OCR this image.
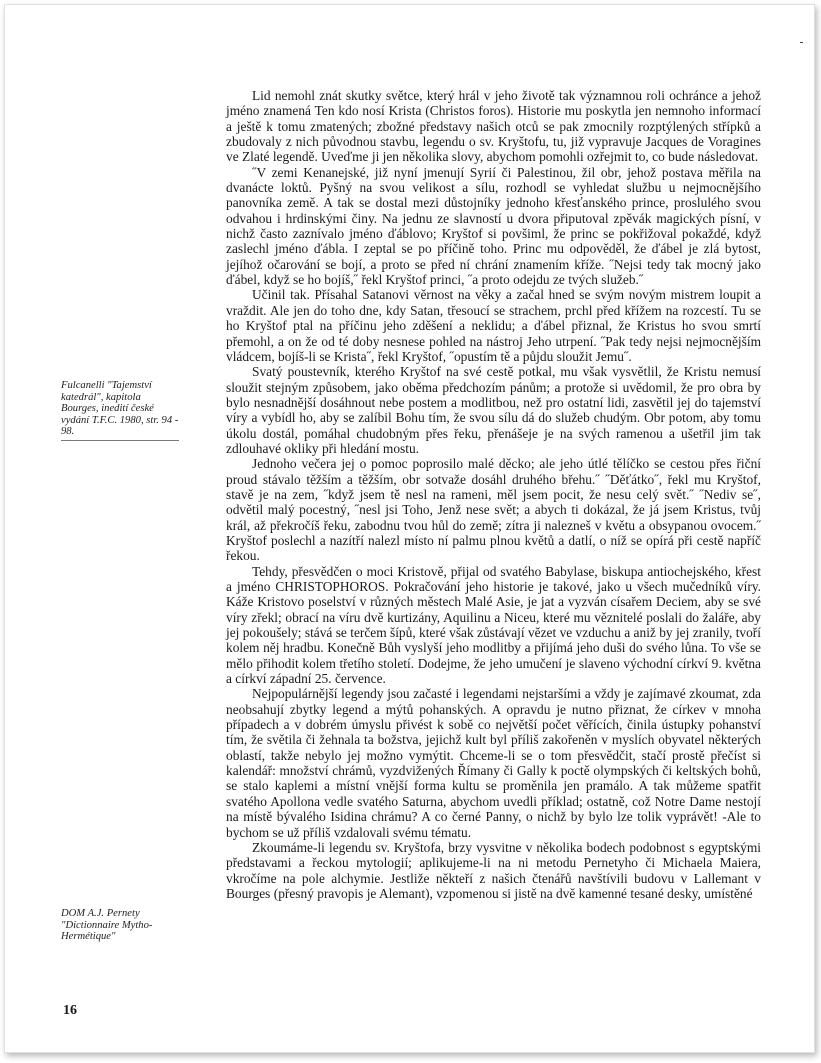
Lid nemohl znát skutky světce, který hrál v jeho životě tak významnou roli ochránce a jehož jméno znamená Ten kdo nosí Krista (Christos foros). Historie mu poskytla jen nemnoho informací a ještě k tomu zmatených; zbožné představy našich otců se pak zmocnily rozptýlených střípků a zbudovaly z nich původnou stavbu, legendu o sv. Kryštofu, tu, již vypravuje Jacques de Voragines ve Zlaté legendě. Uveďme ji jen několika slovy, abychom pomohli ozřejmit to, co bude následovat.

˝V zemi Kenanejské, již nyní jmenují Syrií či Palestinou, žil obr, jehož postava měřila na dvanácte loktů. Pyšný na svou velikost a sílu, rozhodl se vyhledat službu u nejmocnějšího panovníka země. A tak se dostal mezi důstojníky jednoho křesťanského prince, proslulého svou odvahou i hrdinskými činy. Na jednu ze slavností u dvora připutoval zpěvák magických písní, v nichž často zaznívalo jméno ďáblovo; Kryštof si povšiml, že princ se pokřižoval pokaždé, když zaslechl jméno ďábla. I zeptal se po příčině toho. Princ mu odpověděl, že ďábel je zlá bytost, jejíhož očarování se bojí, a proto se před ní chrání znamením kříže. ˝Nejsi tedy tak mocný jako ďábel, když se ho bojíš,˝ řekl Kryštof princi, ˝a proto odejdu ze tvých služeb.˝

Učinil tak. Přísahal Satanovi věrnost na věky a začal hned se svým novým mistrem loupit a vraždit. Ale jen do toho dne, kdy Satan, třesoucí se strachem, prchl před křížem na rozcestí. Tu se ho Kryštof ptal na příčinu jeho zděšení a neklidu; a ďábel přiznal, že Kristus ho svou smrtí přemohl, a on že od té doby nesnese pohled na nástroj Jeho utrpení. ˝Pak tedy nejsi nejmocnějším vládcem, bojíš-li se Krista˝, řekl Kryštof, ˝opustím tě a půjdu sloužit Jemu˝.

Svatý poustevník, kterého Kryštof na své cestě potkal, mu však vysvětlil, že Kristu nemusí sloužit stejným způsobem, jako oběma předchozím pánům; a protože si uvědomil, že pro obra by bylo nesnadnější dosáhnout nebe postem a modlitbou, než pro ostatní lidi, zasvětil jej do tajemství víry a vybídl ho, aby se zalíbil Bohu tím, že svou sílu dá do služeb chudým. Obr potom, aby tomu úkolu dostál, pomáhal chudobným přes řeku, přenášeje je na svých ramenou a ušetřil jim tak zdlouhavé okliky při hledání mostu.

Jednoho večera jej o pomoc poprosilo malé děcko; ale jeho útlé tělíčko se cestou přes řiční proud stávalo těžším a těžším, obr sotvaže dosáhl druhého břehu.˝ ˝Děťátko˝, řekl mu Kryštof, stavě je na zem, ˝když jsem tě nesl na rameni, měl jsem pocit, že nesu celý svět.˝ ˝Nediv se˝, odvětil malý pocestný, ˝nesl jsi Toho, Jenž nese svět; a abych ti dokázal, že já jsem Kristus, tvůj král, až překročíš řeku, zabodnu tvou hůl do země; zítra ji nalezneš v květu a obsypanou ovocem.˝ Kryštof poslechl a nazítří nalezl místo ní palmu plnou květů a datlí, o níž se opírá při cestě napříč řekou.

Tehdy, přesvědčen o moci Kristově, přijal od svatého Babylase, biskupa antiochejského, křest a jméno CHRISTOPHOROS. Pokračování jeho historie je takové, jako u všech mučedníků víry. Káže Kristovo poselství v různých městech Malé Asie, je jat a vyzván císařem Deciem, aby se své víry zřekl; obrací na víru dvě kurtizány, Aquilinu a Niceu, které mu věznitelé poslali do žaláře, aby jej pokoušely; stává se terčem šípů, které však zůstávají vězet ve vzduchu a aniž by jej zranily, tvoří kolem něj hradbu. Konečně Bůh vyslyší jeho modlitby a přijímá jeho duši do svého lůna. To vše se mělo přihodit kolem třetího století. Dodejme, že jeho umučení je slaveno východní církví 9. května a církví západní 25. července.

Nejpopulárnější legendy jsou začasté i legendami nejstaršími a vždy je zajímavé zkoumat, zda neobsahují zbytky legend a mýtů pohanských. A opravdu je nutno přiznat, že církev v mnoha případech a v dobrém úmyslu přivést k sobě co největší počet věřících, činila ústupky pohanství tím, že světila či žehnala ta božstva, jejichž kult byl příliš zakořeněn v myslích obyvatel některých oblastí, takže nebylo jej možno vymýtit. Chceme-li se o tom přesvědčit, stačí prostě přečíst si kalendář: množství chrámů, vyzdvižených Římany či Gally k poctě olympských či keltských bohů, se stalo kaplemi a místní vnější forma kultu se proměnila jen pramálo. A tak můžeme spatřit svatého Apollona vedle svatého Saturna, abychom uvedli příklad; ostatně, což Notre Dame nestojí na místě bývalého Isidina chrámu? A co černé Panny, o nichž by bylo lze tolik vyprávět! -Ale to bychom se už příliš vzdalovali svému tématu.

Zkoumáme-li legendu sv. Kryštofa, brzy vysvitne v několika bodech podobnost s egyptskými představami a řeckou mytologií; aplikujeme-li na ni metodu Pernetyho či Michaela Maiera, vkročíme na pole alchymie. Jestliže někteří z našich čtenářů navštívili budovu v Lallemant v Bourges (přesný pravopis je Alemant), vzpomenou si jistě na dvě kamenné tesané desky, umístěné

Fulcanelli "Tajemství katedrál", kapitola Bourges, inedití české vydání T.F.C. 1980, str. 94 - 98.
DOM A.J. Pernety "Dictionnaire Mytho-Hermétique"
16
